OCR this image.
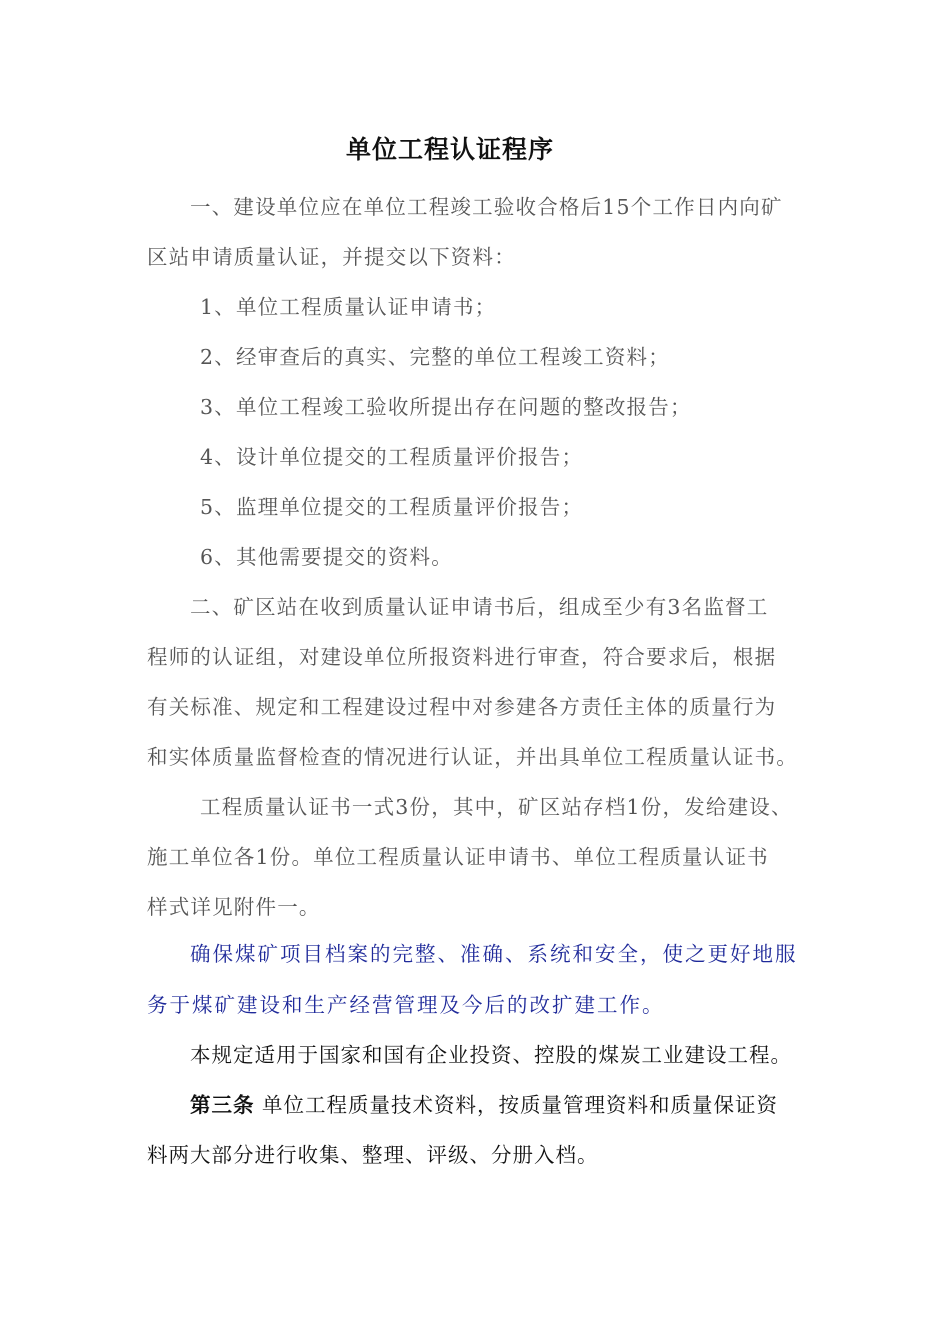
单位工程认证程序
一、建设单位应在单位工程竣工验收合格后15个工作日内向矿
区站申请质量认证，并提交以下资料：
1、单位工程质量认证申请书；
2、经审查后的真实、完整的单位工程竣工资料；
3、单位工程竣工验收所提出存在问题的整改报告；
4、设计单位提交的工程质量评价报告；
5、监理单位提交的工程质量评价报告；
6、其他需要提交的资料。
二、矿区站在收到质量认证申请书后，组成至少有3名监督工
程师的认证组，对建设单位所报资料进行审查，符合要求后，根据
有关标准、规定和工程建设过程中对参建各方责任主体的质量行为
和实体质量监督检查的情况进行认证，并出具单位工程质量认证书。
工程质量认证书一式3份，其中，矿区站存档1份，发给建设、
施工单位各1份。单位工程质量认证申请书、单位工程质量认证书
样式详见附件一。
确保煤矿项目档案的完整、准确、系统和安全，使之更好地服
务于煤矿建设和生产经营管理及今后的改扩建工作。
本规定适用于国家和国有企业投资、控股的煤炭工业建设工程。
第三条 单位工程质量技术资料，按质量管理资料和质量保证资
料两大部分进行收集、整理、评级、分册入档。
